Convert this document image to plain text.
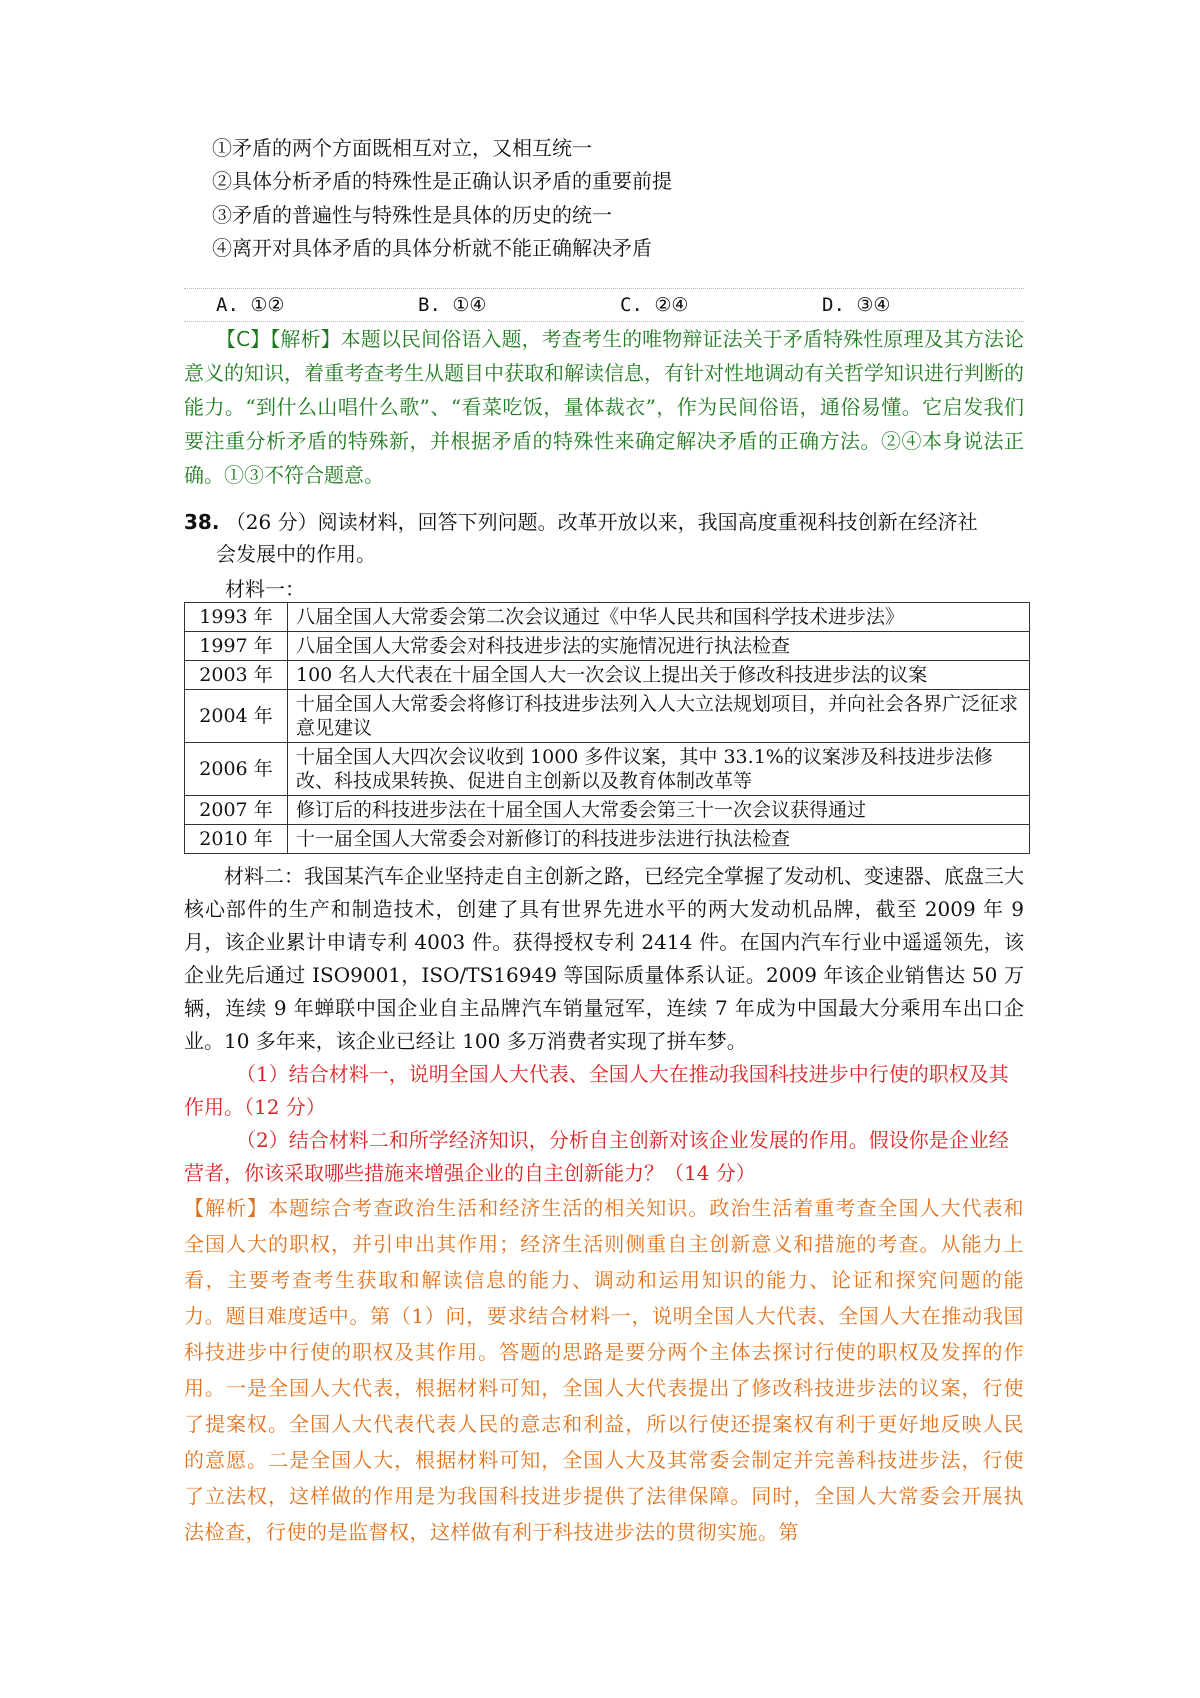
①矛盾的两个方面既相互对立，又相互统一
②具体分析矛盾的特殊性是正确认识矛盾的重要前提
③矛盾的普遍性与特殊性是具体的历史的统一
④离开对具体矛盾的具体分析就不能正确解决矛盾
A. ①②	B. ①④	C. ②④	D. ③④

【C】【解析】本题以民间俗语入题，考查考生的唯物辩证法关于矛盾特殊性原理及其方法论意义的知识，着重考查考生从题目中获取和解读信息，有针对性地调动有关哲学知识进行判断的能力。“到什么山唱什么歌”、“看菜吃饭，量体裁衣”，作为民间俗语，通俗易懂。它启发我们要注重分析矛盾的特殊新，并根据矛盾的特殊性来确定解决矛盾的正确方法。②④本身说法正确。①③不符合题意。

38. （26 分）阅读材料，回答下列问题。改革开放以来，我国高度重视科技创新在经济社

会发展中的作用。

材料一：
1993 年	八届全国人大常委会第二次会议通过《中华人民共和国科学技术进步法》
1997 年	八届全国人大常委会对科技进步法的实施情况进行执法检查
2003 年	100 名人大代表在十届全国人大一次会议上提出关于修改科技进步法的议案
2004 年	十届全国人大常委会将修订科技进步法列入人大立法规划项目，并向社会各界广泛征求意见建议
2006 年	十届全国人大四次会议收到 1000 多件议案，其中 33.1%的议案涉及科技进步法修改、科技成果转换、促进自主创新以及教育体制改革等
2007 年	修订后的科技进步法在十届全国人大常委会第三十一次会议获得通过
2010 年	十一届全国人大常委会对新修订的科技进步法进行执法检查

材料二：我国某汽车企业坚持走自主创新之路，已经完全掌握了发动机、变速器、底盘三大核心部件的生产和制造技术，创建了具有世界先进水平的两大发动机品牌，截至 2009 年 9 月，该企业累计申请专利 4003 件。获得授权专利 2414 件。在国内汽车行业中遥遥领先，该企业先后通过 ISO9001，ISO/TS16949 等国际质量体系认证。2009 年该企业销售达 50 万辆，连续 9 年蝉联中国企业自主品牌汽车销量冠军，连续 7 年成为中国最大分乘用车出口企业。10 多年来，该企业已经让 100 多万消费者实现了拼车梦。

（1）结合材料一，说明全国人大代表、全国人大在推动我国科技进步中行使的职权及其作用。（12 分）

（2）结合材料二和所学经济知识，分析自主创新对该企业发展的作用。假设你是企业经营者，你该采取哪些措施来增强企业的自主创新能力？（14 分）

【解析】本题综合考查政治生活和经济生活的相关知识。政治生活着重考查全国人大代表和全国人大的职权，并引申出其作用；经济生活则侧重自主创新意义和措施的考查。从能力上看，主要考查考生获取和解读信息的能力、调动和运用知识的能力、论证和探究问题的能力。题目难度适中。第（1）问，要求结合材料一，说明全国人大代表、全国人大在推动我国科技进步中行使的职权及其作用。答题的思路是要分两个主体去探讨行使的职权及发挥的作用。一是全国人大代表，根据材料可知，全国人大代表提出了修改科技进步法的议案，行使了提案权。全国人大代表代表人民的意志和利益，所以行使还提案权有利于更好地反映人民的意愿。二是全国人大，根据材料可知，全国人大及其常委会制定并完善科技进步法，行使了立法权，这样做的作用是为我国科技进步提供了法律保障。同时，全国人大常委会开展执法检查，行使的是监督权，这样做有利于科技进步法的贯彻实施。第
